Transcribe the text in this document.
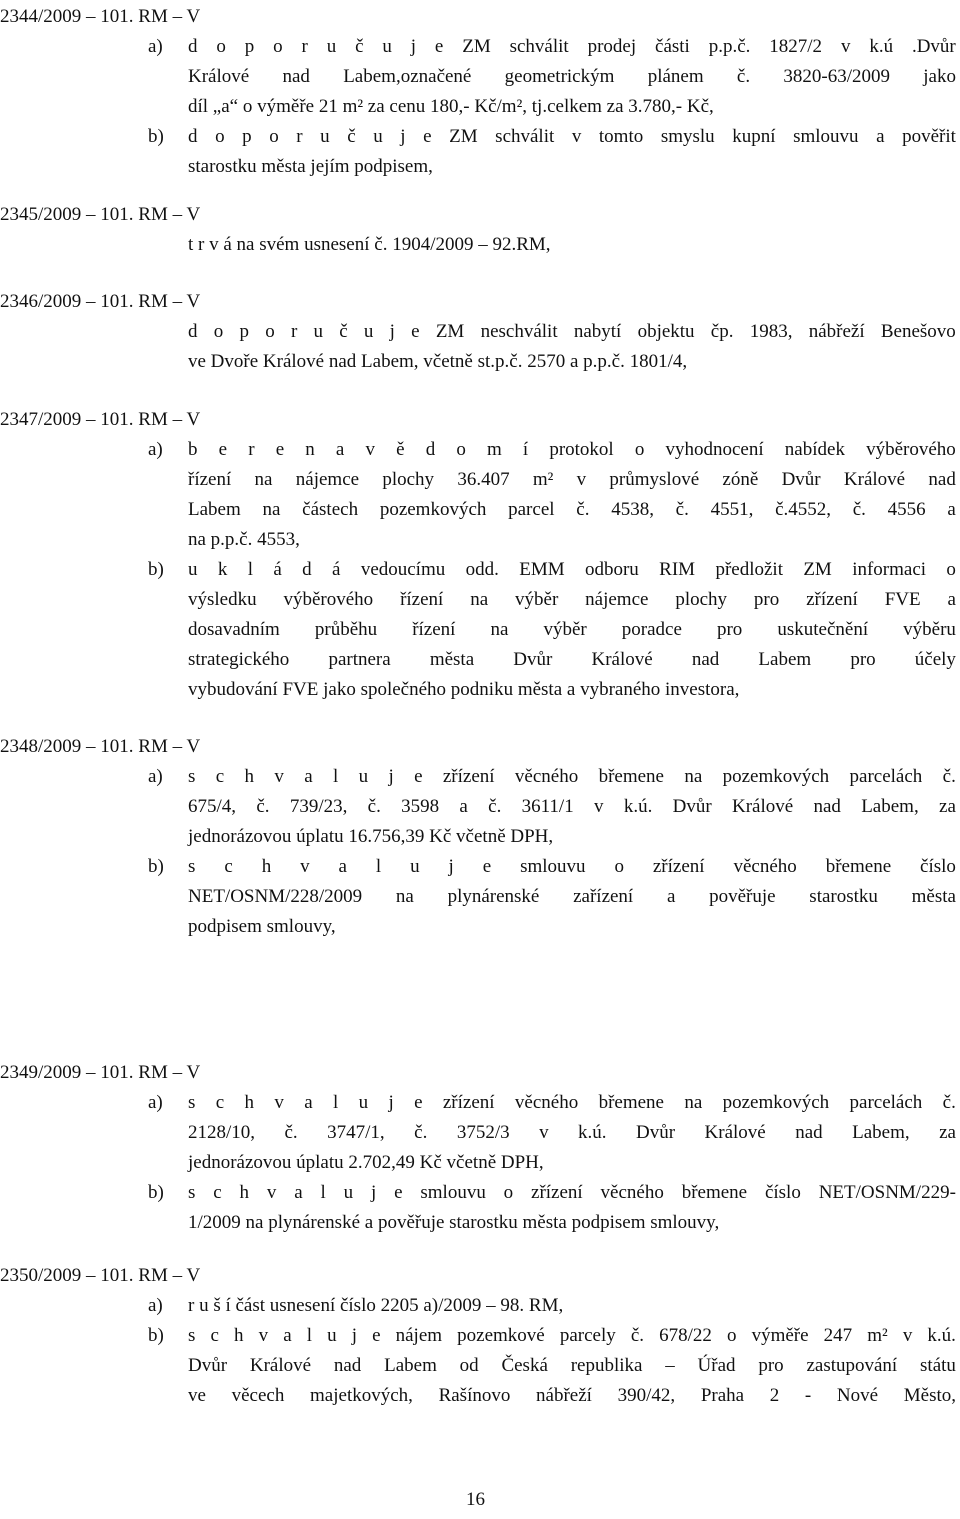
2344/2009 – 101. RM – V
a) d o p o r u č u j e ZM schválit prodej části p.p.č. 1827/2 v k.ú .Dvůr
Králové nad Labem,označené geometrickým plánem č. 3820-63/2009 jako
díl „a“ o výměře 21 m² za cenu 180,- Kč/m², tj.celkem za 3.780,- Kč,
b) d o p o r u č u j e ZM schválit v tomto smyslu kupní smlouvu a pověřit
starostku města jejím podpisem,
2345/2009 – 101. RM – V
t r v á na svém usnesení č. 1904/2009 – 92.RM,
2346/2009 – 101. RM – V
d o p o r u č u j e ZM neschválit nabytí objektu čp. 1983, nábřeží Benešovo
ve Dvoře Králové nad Labem, včetně st.p.č. 2570 a p.p.č. 1801/4,
2347/2009 – 101. RM – V
a) b e r e n a v ě d o m í protokol o vyhodnocení nabídek výběrového
řízení na nájemce plochy 36.407 m² v průmyslové zóně Dvůr Králové nad
Labem na částech pozemkových parcel č. 4538, č. 4551, č.4552, č. 4556 a
na p.p.č. 4553,
b) u k l á d á vedoucímu odd. EMM odboru RIM předložit ZM informaci o
výsledku výběrového řízení na výběr nájemce plochy pro zřízení FVE a
dosavadním průběhu řízení na výběr poradce pro uskutečnění výběru
strategického partnera města Dvůr Králové nad Labem pro účely
vybudování FVE jako společného podniku města a vybraného investora,
2348/2009 – 101. RM – V
a) s c h v a l u j e zřízení věcného břemene na pozemkových parcelách č.
675/4, č. 739/23, č. 3598 a č. 3611/1 v k.ú. Dvůr Králové nad Labem, za
jednorázovou úplatu 16.756,39 Kč včetně DPH,
b) s c h v a l u j e smlouvu o zřízení věcného břemene číslo
NET/OSNM/228/2009 na plynárenské zařízení a pověřuje starostku města
podpisem smlouvy,
2349/2009 – 101. RM – V
a) s c h v a l u j e zřízení věcného břemene na pozemkových parcelách č.
2128/10, č. 3747/1, č. 3752/3 v k.ú. Dvůr Králové nad Labem, za
jednorázovou úplatu 2.702,49 Kč včetně DPH,
b) s c h v a l u j e smlouvu o zřízení věcného břemene číslo NET/OSNM/229-
1/2009 na plynárenské a pověřuje starostku města podpisem smlouvy,
2350/2009 – 101. RM – V
a) r u š í část usnesení číslo 2205 a)/2009 – 98. RM,
b) s c h v a l u j e nájem pozemkové parcely č. 678/22 o výměře 247 m² v k.ú.
Dvůr Králové nad Labem od Česká republika – Úřad pro zastupování státu
ve věcech majetkových, Rašínovo nábřeží 390/42, Praha 2 - Nové Město,
16
